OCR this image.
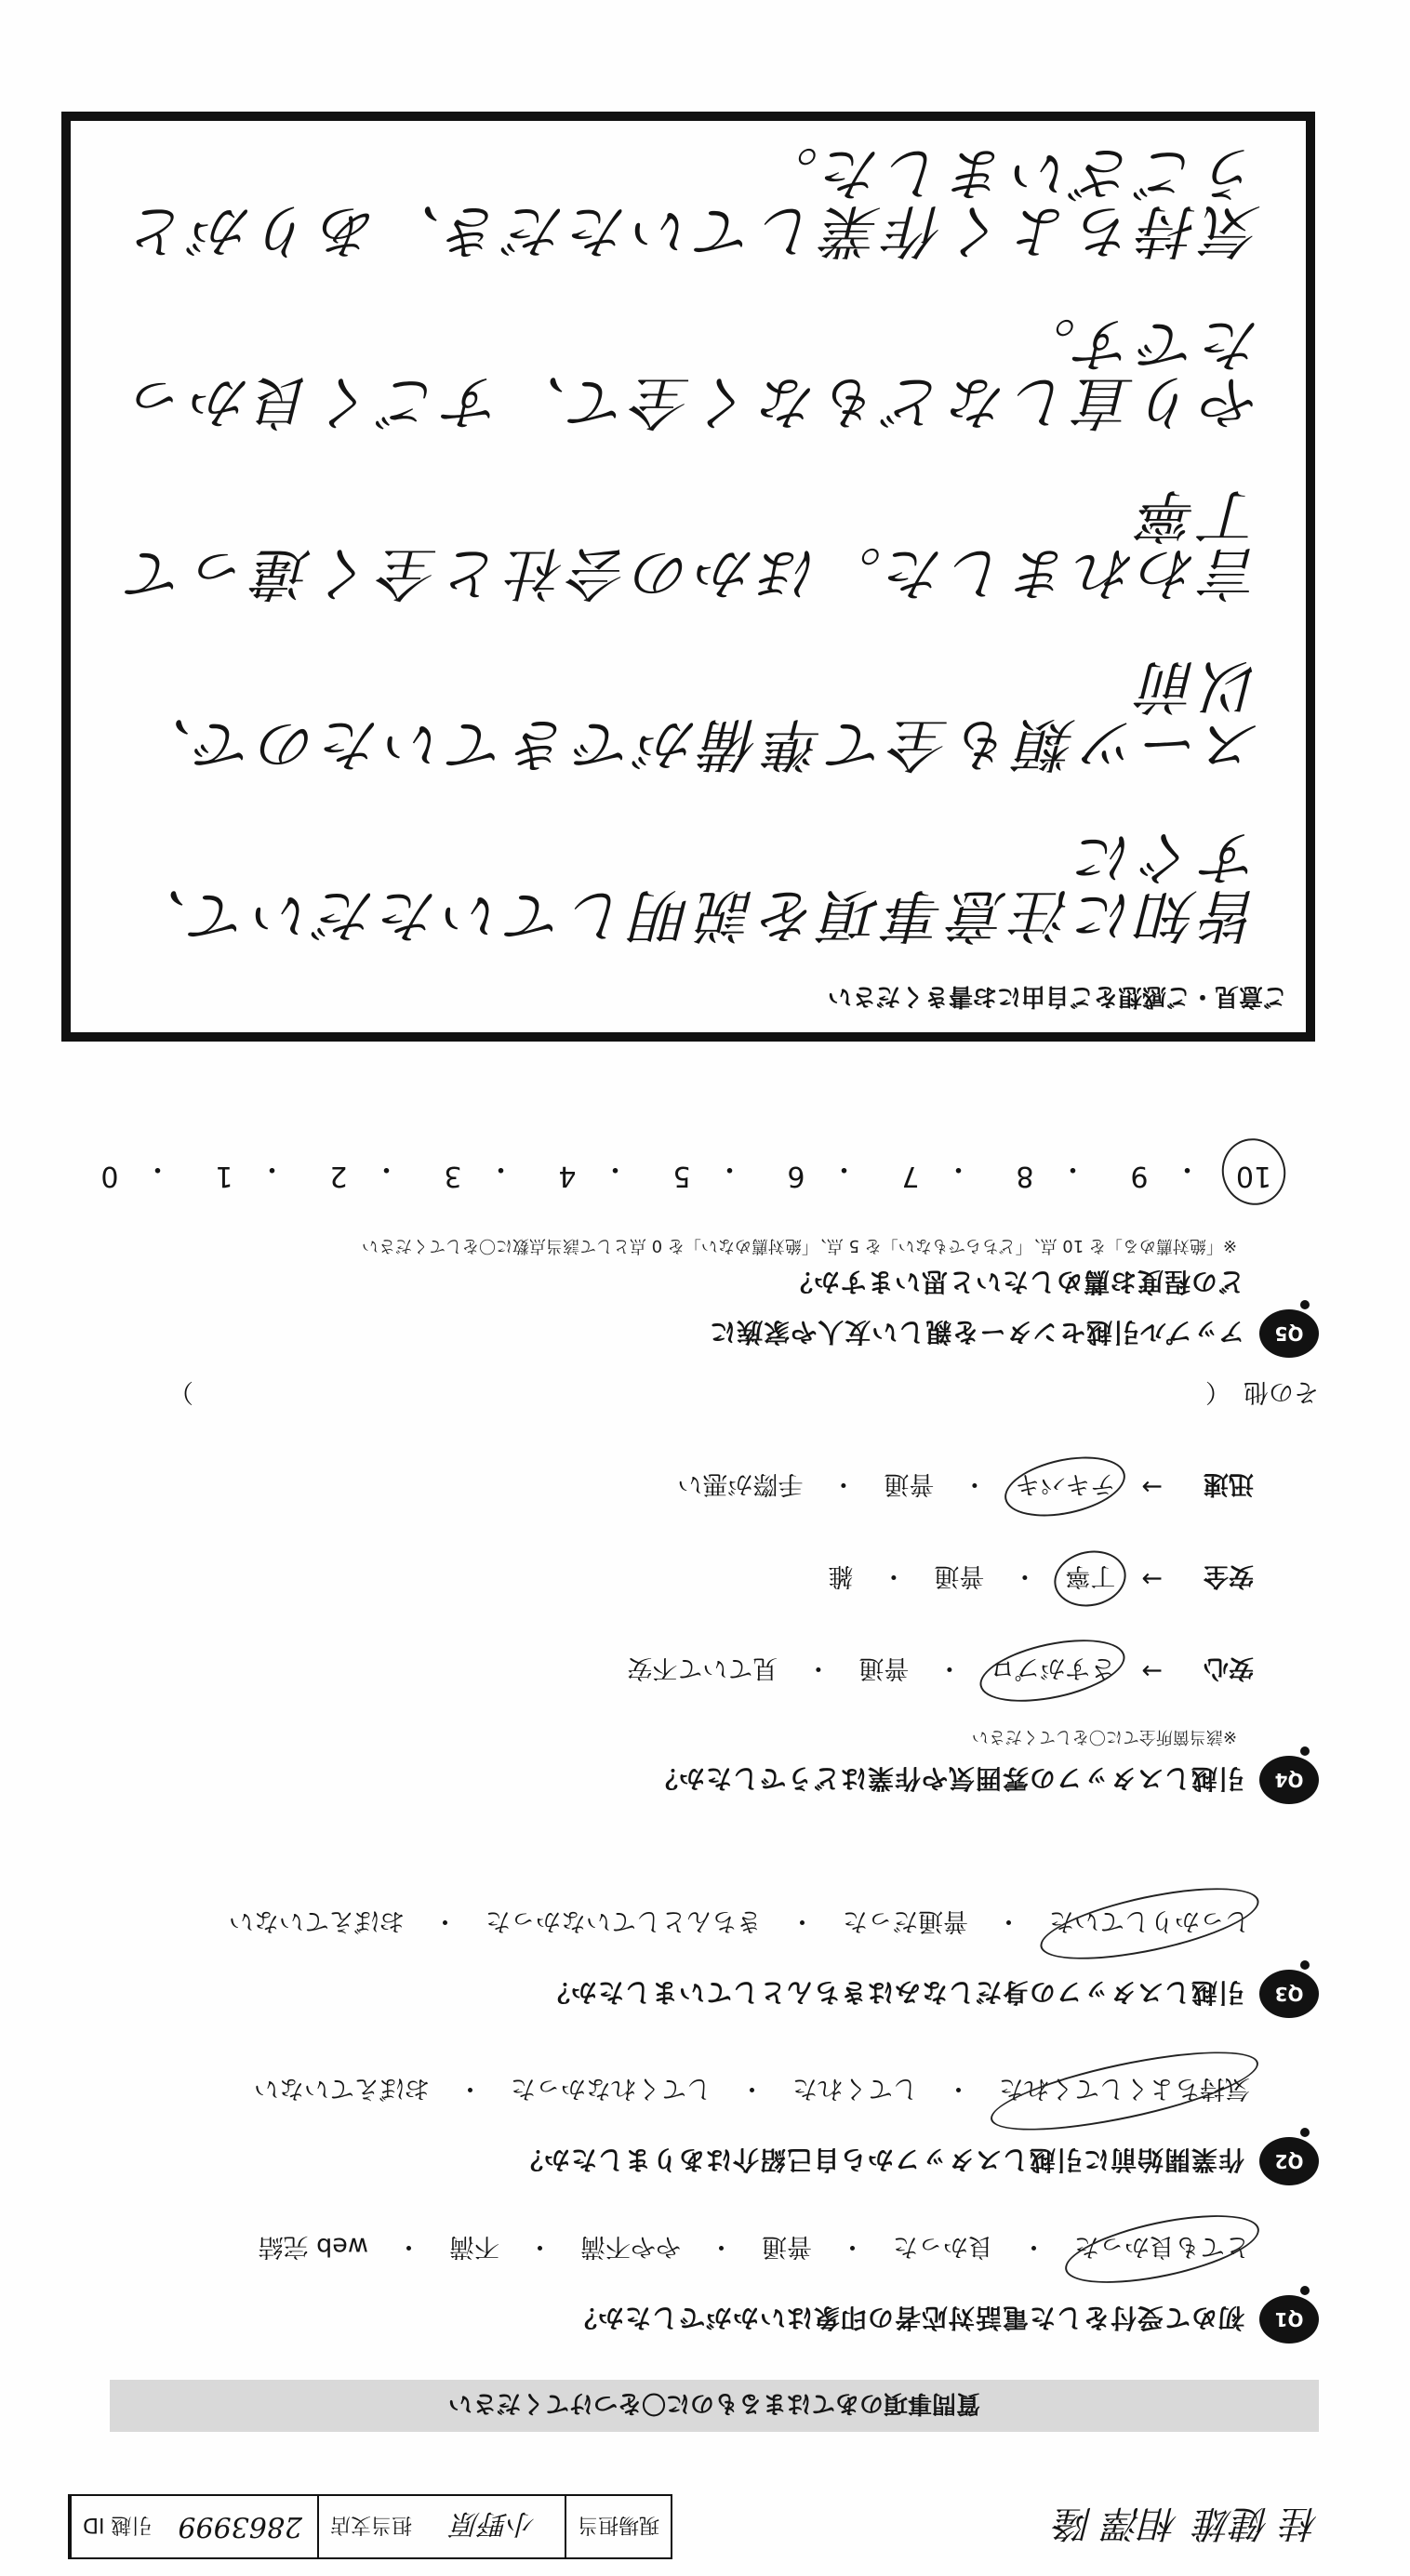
桂 健雄
相澤 隆
現場担当
小野原
担当支店
2863999
引越 ID
質問事項のあてはまるものに〇をつけてください
Q1
初めて受付をした電話対応者の印象はいかがでしたか？
とても良かった
・
良かった
・
普通
・
やや不満
・
不満
・
web 完結
Q2
作業開始前に引越しスタッフから自己紹介はありましたか？
気持ちよくしてくれた
・
してくれた
・
してくれなかった
・
おぼえていない
Q3
引越しスタッフの身だしなみはきちんとしていましたか？
しっかりしていた
・
普通だった
・
きちんとしていなかった
・
おぼえていない
Q4
引越しスタッフの雰囲気や作業はどうでしたか？
※該当箇所全てに〇をしてください
安心
→
さすがプロ
・
普通
・
見ていて不安
安全
→
丁寧
・
普通
・
雑
迅速
→
テキパキ
・
普通
・
手際が悪い
その他
（
）
Q5
アップル引越センターを親しい友人や家族に
どの程度お薦めしたいと思いますか？
※「絶対薦める」を 10 点、「どちらでもない」を 5 点、「絶対薦めない」を 0 点として該当点数に〇をしてください
10
・
9
・
8
・
7
・
6
・
5
・
4
・
3
・
2
・
1
・
0
ご意見・ご感想をご自由にお書きください
皆知に注意事項を説明していただいて、すぐに
スーツ類も全て準備ができていたので、以前
言われました。ほかの会社と全く違って丁寧
やり直しなどもなく全て、すごく良かったです。
気持ちよく作業していただき、ありがとうございました。
